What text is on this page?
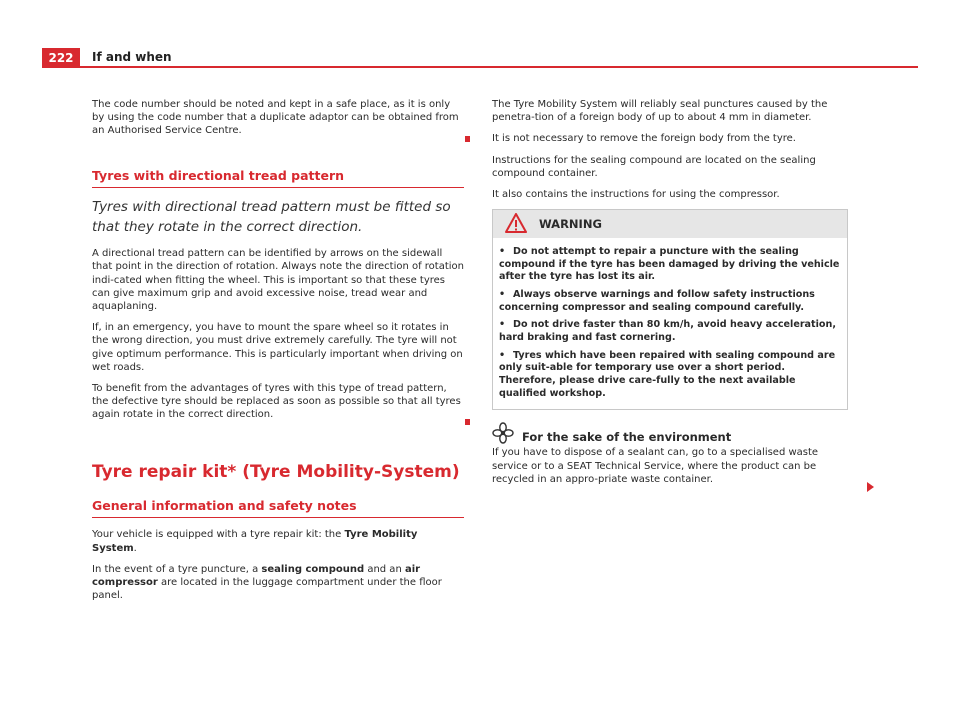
222	If and when

The code number should be noted and kept in a safe place, as it is only by using the code number that a duplicate adaptor can be obtained from an Authorised Service Centre.

Tyres with directional tread pattern
Tyres with directional tread pattern must be fitted so that they rotate in the correct direction.

A directional tread pattern can be identified by arrows on the sidewall that point in the direction of rotation. Always note the direction of rotation indi-cated when fitting the wheel. This is important so that these tyres can give maximum grip and avoid excessive noise, tread wear and aquaplaning.

If, in an emergency, you have to mount the spare wheel so it rotates in the wrong direction, you must drive extremely carefully. The tyre will not give optimum performance. This is particularly important when driving on wet roads.

To benefit from the advantages of tyres with this type of tread pattern, the defective tyre should be replaced as soon as possible so that all tyres again rotate in the correct direction.

Tyre repair kit* (Tyre Mobility-System)
General information and safety notes

Your vehicle is equipped with a tyre repair kit: the Tyre Mobility System.

In the event of a tyre puncture, a sealing compound and an air compressor are located in the luggage compartment under the floor panel.

The Tyre Mobility System will reliably seal punctures caused by the penetra-tion of a foreign body of up to about 4 mm in diameter.

It is not necessary to remove the foreign body from the tyre.

Instructions for the sealing compound are located on the sealing compound container.

It also contains the instructions for using the compressor.

WARNING
• Do not attempt to repair a puncture with the sealing compound if the tyre has been damaged by driving the vehicle after the tyre has lost its air.
• Always observe warnings and follow safety instructions concerning compressor and sealing compound carefully.
• Do not drive faster than 80 km/h, avoid heavy acceleration, hard braking and fast cornering.
• Tyres which have been repaired with sealing compound are only suit-able for temporary use over a short period. Therefore, please drive care-fully to the next available qualified workshop.
For the sake of the environment

If you have to dispose of a sealant can, go to a specialised waste service or to a SEAT Technical Service, where the product can be recycled in an appro-priate waste container.
